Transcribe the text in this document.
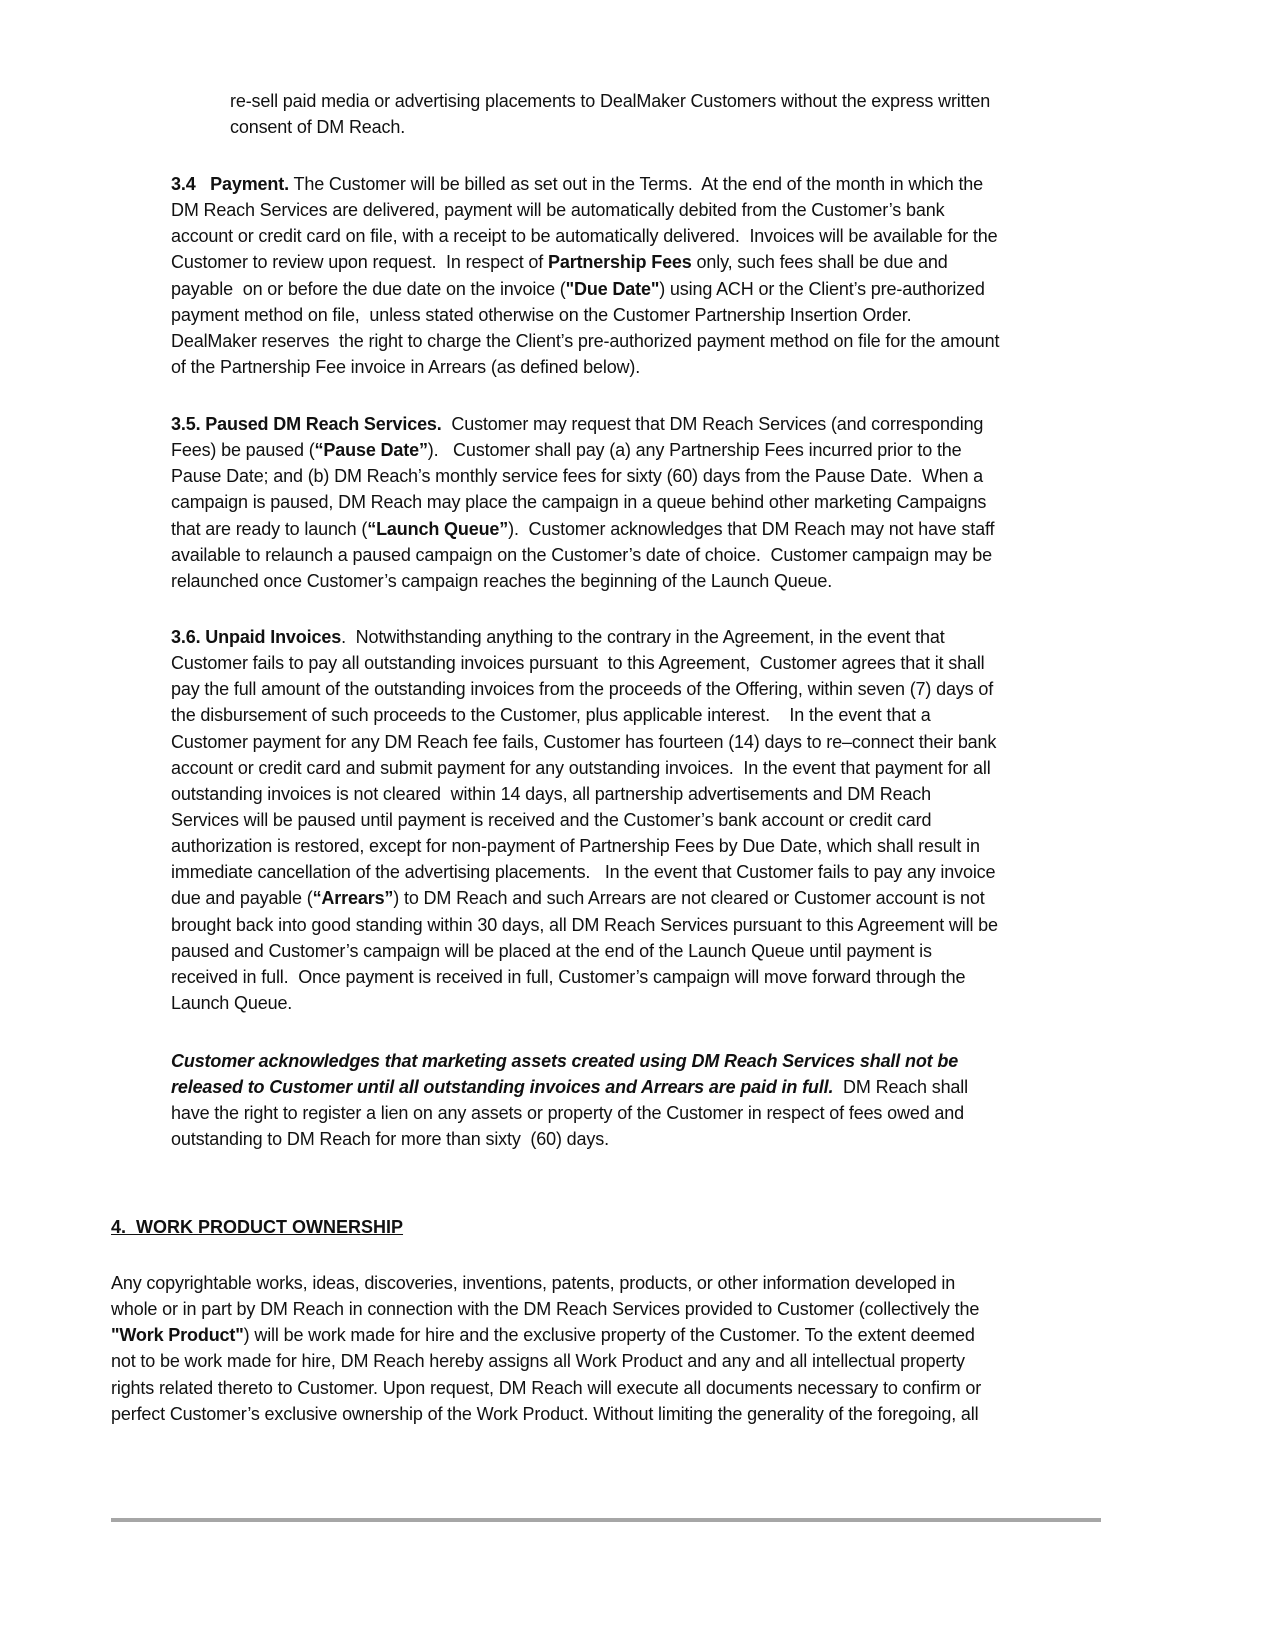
re-sell paid media or advertising placements to DealMaker Customers without the express written
consent of DM Reach.
3.4   Payment. The Customer will be billed as set out in the Terms.  At the end of the month in which the
DM Reach Services are delivered, payment will be automatically debited from the Customer’s bank
account or credit card on file, with a receipt to be automatically delivered.  Invoices will be available for the
Customer to review upon request.  In respect of Partnership Fees only, such fees shall be due and
payable  on or before the due date on the invoice ("Due Date") using ACH or the Client’s pre-authorized
payment method on file,  unless stated otherwise on the Customer Partnership Insertion Order.
DealMaker reserves  the right to charge the Client’s pre-authorized payment method on file for the amount
of the Partnership Fee invoice in Arrears (as defined below).
3.5. Paused DM Reach Services.  Customer may request that DM Reach Services (and corresponding
Fees) be paused (“Pause Date”).   Customer shall pay (a) any Partnership Fees incurred prior to the
Pause Date; and (b) DM Reach’s monthly service fees for sixty (60) days from the Pause Date.  When a
campaign is paused, DM Reach may place the campaign in a queue behind other marketing Campaigns
that are ready to launch (“Launch Queue”).  Customer acknowledges that DM Reach may not have staff
available to relaunch a paused campaign on the Customer’s date of choice.  Customer campaign may be
relaunched once Customer’s campaign reaches the beginning of the Launch Queue.
3.6. Unpaid Invoices.  Notwithstanding anything to the contrary in the Agreement, in the event that
Customer fails to pay all outstanding invoices pursuant  to this Agreement,  Customer agrees that it shall
pay the full amount of the outstanding invoices from the proceeds of the Offering, within seven (7) days of
the disbursement of such proceeds to the Customer, plus applicable interest.    In the event that a
Customer payment for any DM Reach fee fails, Customer has fourteen (14) days to re–connect their bank
account or credit card and submit payment for any outstanding invoices.  In the event that payment for all
outstanding invoices is not cleared  within 14 days, all partnership advertisements and DM Reach
Services will be paused until payment is received and the Customer’s bank account or credit card
authorization is restored, except for non-payment of Partnership Fees by Due Date, which shall result in
immediate cancellation of the advertising placements.   In the event that Customer fails to pay any invoice
due and payable (“Arrears”) to DM Reach and such Arrears are not cleared or Customer account is not
brought back into good standing within 30 days, all DM Reach Services pursuant to this Agreement will be
paused and Customer’s campaign will be placed at the end of the Launch Queue until payment is
received in full.  Once payment is received in full, Customer’s campaign will move forward through the
Launch Queue.
Customer acknowledges that marketing assets created using DM Reach Services shall not be
released to Customer until all outstanding invoices and Arrears are paid in full.  DM Reach shall
have the right to register a lien on any assets or property of the Customer in respect of fees owed and
outstanding to DM Reach for more than sixty  (60) days.
4.  WORK PRODUCT OWNERSHIP
Any copyrightable works, ideas, discoveries, inventions, patents, products, or other information developed in
whole or in part by DM Reach in connection with the DM Reach Services provided to Customer (collectively the
"Work Product") will be work made for hire and the exclusive property of the Customer. To the extent deemed
not to be work made for hire, DM Reach hereby assigns all Work Product and any and all intellectual property
rights related thereto to Customer. Upon request, DM Reach will execute all documents necessary to confirm or
perfect Customer’s exclusive ownership of the Work Product. Without limiting the generality of the foregoing, all
